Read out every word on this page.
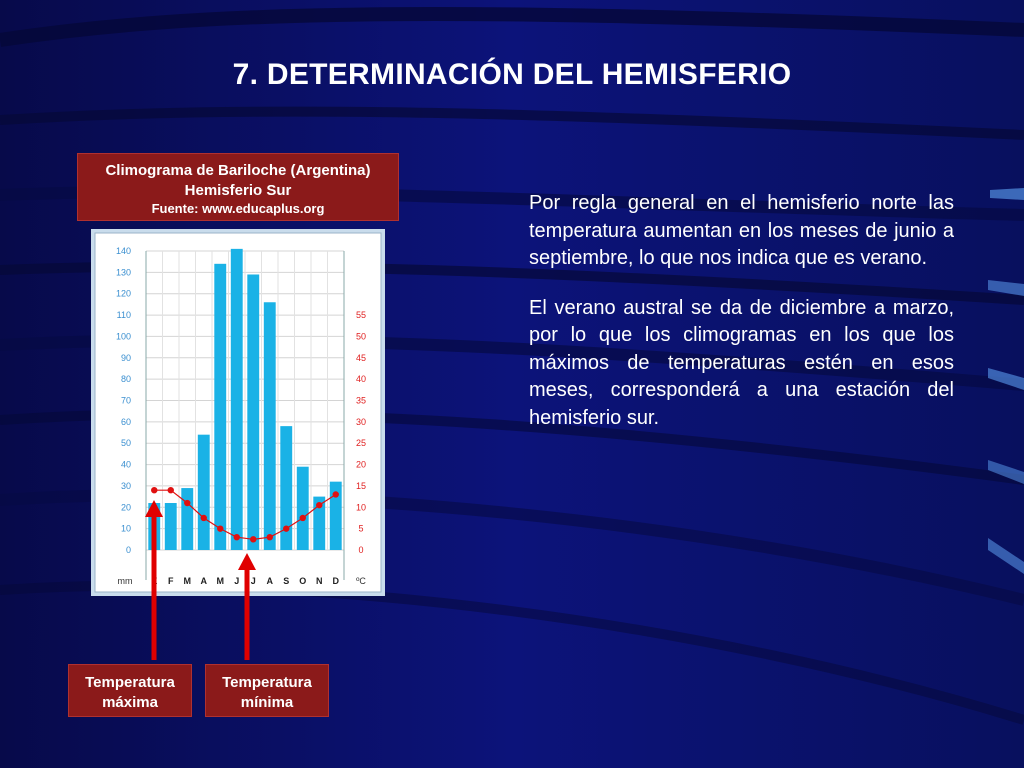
7. DETERMINACIÓN DEL HEMISFERIO
Climograma de Bariloche (Argentina)
Hemisferio Sur
Fuente: www.educaplus.org
0
10
20
30
40
50
60
70
80
90
100
110
120
130
140
0
5
10
15
20
25
30
35
40
45
50
55
E F M A M J J A S O N D
mm	ºC

Por regla general en el hemisferio norte las temperatura aumentan en los meses de junio a septiembre, lo que nos indica que es verano.

El verano austral se da de diciembre a marzo, por lo que los climogramas en los que los máximos de temperaturas estén en esos meses, corresponderá a una estación del hemisferio sur.

Temperatura
máxima
Temperatura
mínima
